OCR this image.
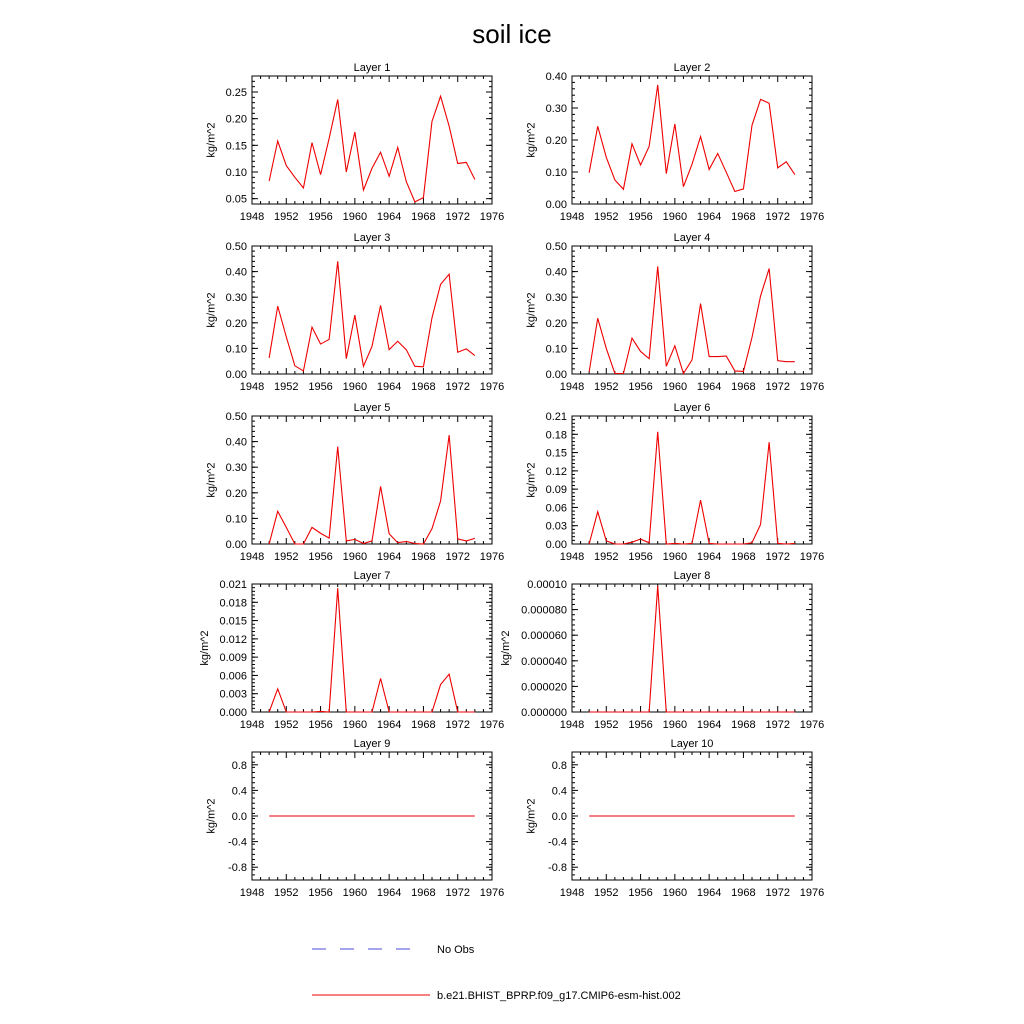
soil ice
Layer 1
1948 1952 1956 1960 1964 1968 1972 1976
0.05
0.10
0.15
0.20
0.25
kg/m^2
Layer 2
1948 1952 1956 1960 1964 1968 1972 1976
0.00
0.10
0.20
0.30
0.40
kg/m^2
Layer 3
1948 1952 1956 1960 1964 1968 1972 1976
0.00
0.10
0.20
0.30
0.40
0.50
kg/m^2
Layer 4
1948 1952 1956 1960 1964 1968 1972 1976
0.00
0.10
0.20
0.30
0.40
0.50
kg/m^2
Layer 5
1948 1952 1956 1960 1964 1968 1972 1976
0.00
0.10
0.20
0.30
0.40
0.50
kg/m^2
Layer 6
1948 1952 1956 1960 1964 1968 1972 1976
0.00
0.03
0.06
0.09
0.12
0.15
0.18
0.21
kg/m^2
Layer 7
1948 1952 1956 1960 1964 1968 1972 1976
0.000
0.003
0.006
0.009
0.012
0.015
0.018
0.021
kg/m^2
Layer 8
1948 1952 1956 1960 1964 1968 1972 1976
0.000000
0.000020
0.000040
0.000060
0.000080
0.00010
kg/m^2
Layer 9
1948 1952 1956 1960 1964 1968 1972 1976
-0.8
-0.4
0.0
0.4
0.8
kg/m^2
Layer 10
1948 1952 1956 1960 1964 1968 1972 1976
-0.8
-0.4
0.0
0.4
0.8
kg/m^2
No Obs
b.e21.BHIST_BPRP.f09_g17.CMIP6-esm-hist.002
